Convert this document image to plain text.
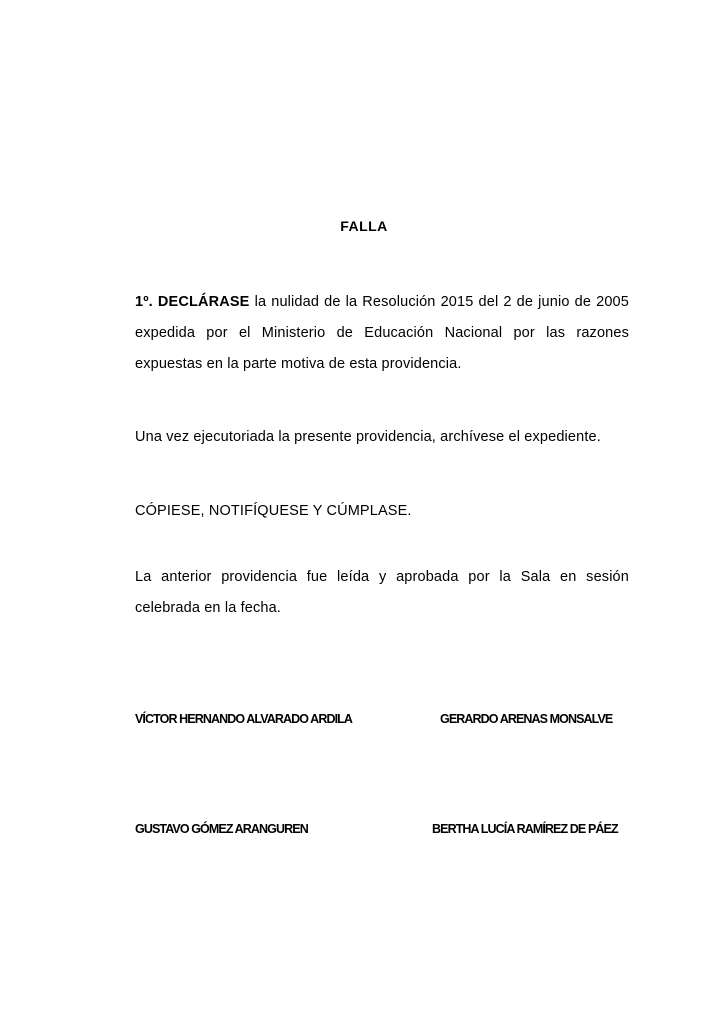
FALLA
1º. DECLÁRASE la nulidad de la Resolución 2015 del 2 de junio de 2005 expedida por el Ministerio de Educación Nacional por las razones expuestas en la parte motiva de esta providencia.
Una vez ejecutoriada la presente providencia, archívese el expediente.
CÓPIESE, NOTIFÍQUESE Y CÚMPLASE.
La anterior providencia fue leída y aprobada por la Sala en sesión celebrada en la fecha.
VÍCTOR HERNANDO ALVARADO ARDILA	GERARDO ARENAS MONSALVE
GUSTAVO GÓMEZ ARANGUREN	BERTHA LUCÍA RAMÍREZ DE PÁEZ
